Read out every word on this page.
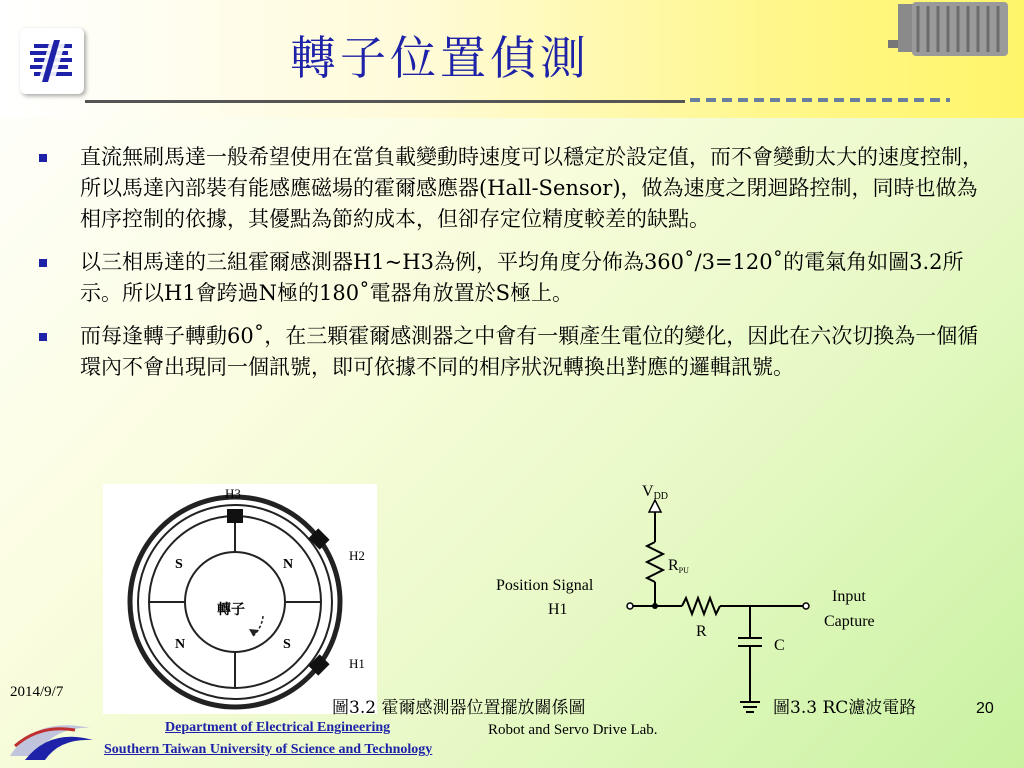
轉子位置偵測
直流無刷馬達一般希望使用在當負載變動時速度可以穩定於設定值，而不會變動太大的速度控制，所以馬達內部裝有能感應磁場的霍爾感應器(Hall-Sensor)，做為速度之閉迴路控制，同時也做為相序控制的依據，其優點為節約成本，但卻存定位精度較差的缺點。
以三相馬達的三組霍爾感測器H1~H3為例，平均角度分佈為360˚/3=120˚的電氣角如圖3.2所示。所以H1會跨過N極的180˚電器角放置於S極上。
而每逢轉子轉動60˚，在三顆霍爾感測器之中會有一顆產生電位的變化，因此在六次切換為一個循環內不會出現同一個訊號，即可依據不同的相序狀況轉換出對應的邏輯訊號。
H3
H2
H1
S	N
N	S
轉子
圖3.2 霍爾感測器位置擺放關係圖
VDD
RPU
Position Signal
H1
Input
Capture
R
C
圖3.3 RC濾波電路
2014/9/7
20
Department of Electrical Engineering
Southern Taiwan University of Science and Technology
Robot and Servo Drive Lab.
